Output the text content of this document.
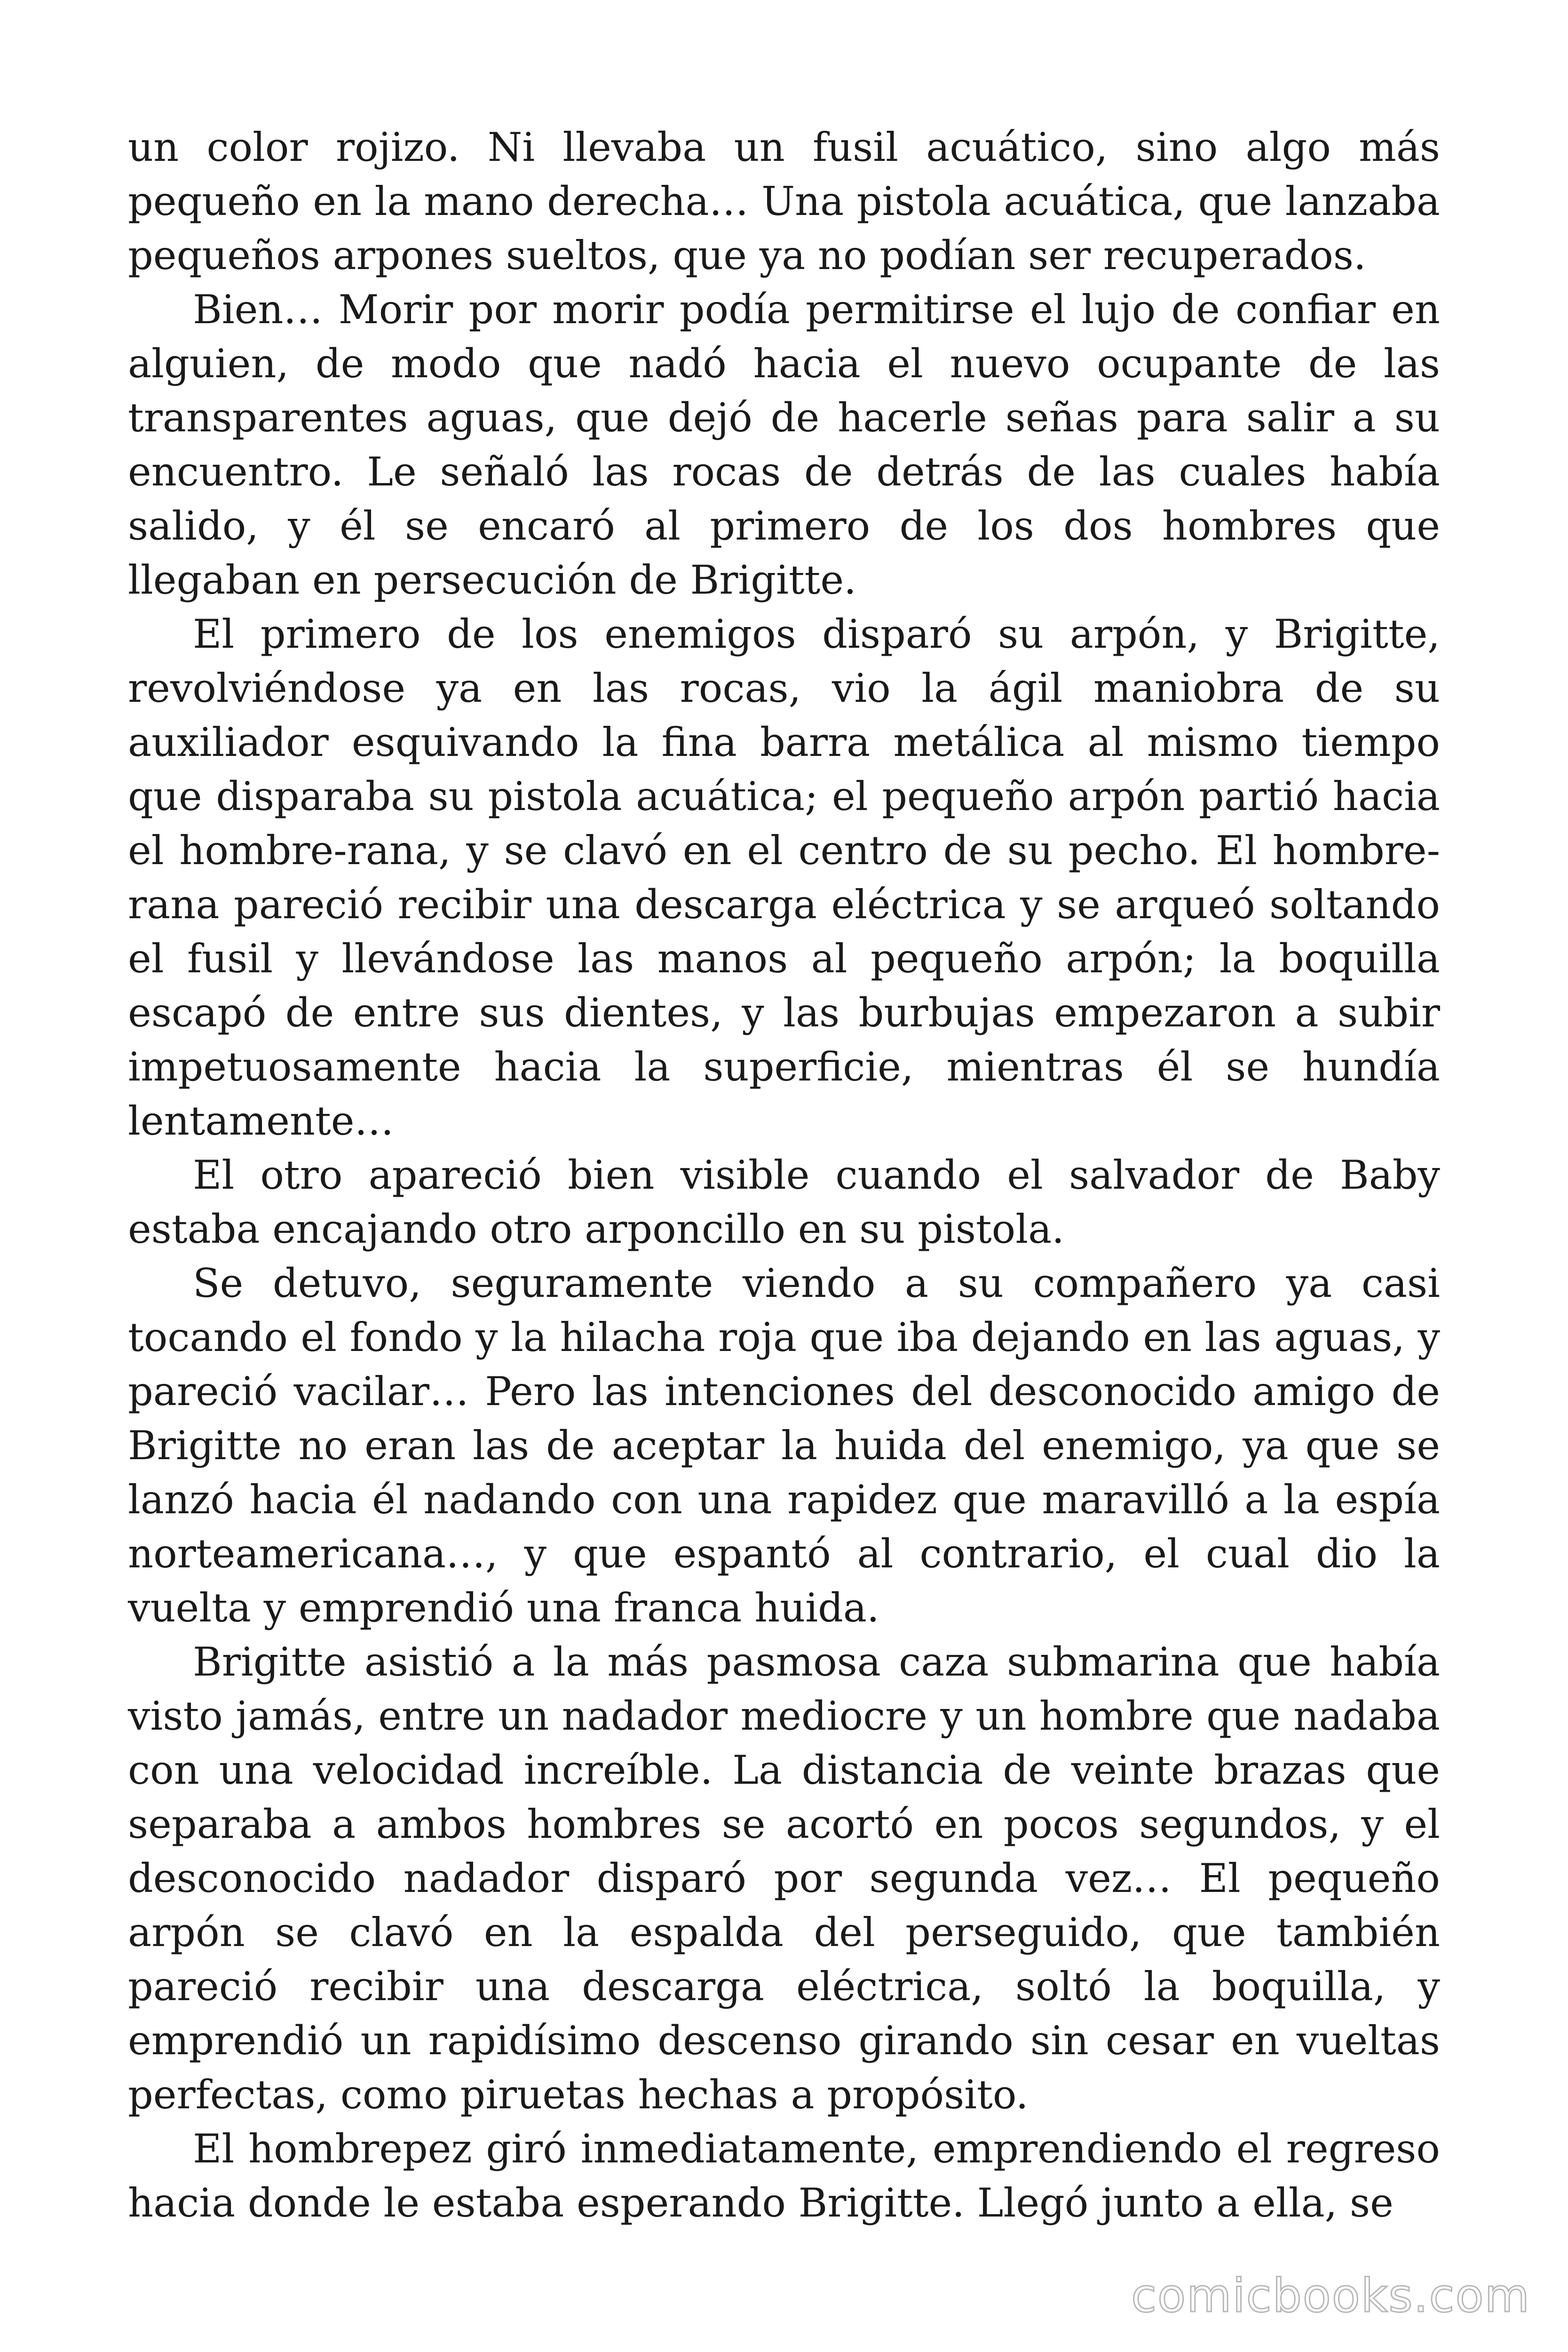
un color rojizo. Ni llevaba un fusil acuático, sino algo más pequeño en la mano derecha… Una pistola acuática, que lanzaba pequeños arpones sueltos, que ya no podían ser recuperados.

Bien… Morir por morir podía permitirse el lujo de confiar en alguien, de modo que nadó hacia el nuevo ocupante de las transparentes aguas, que dejó de hacerle señas para salir a su encuentro. Le señaló las rocas de detrás de las cuales había salido, y él se encaró al primero de los dos hombres que llegaban en persecución de Brigitte.

El primero de los enemigos disparó su arpón, y Brigitte, revolviéndose ya en las rocas, vio la ágil maniobra de su auxiliador esquivando la fina barra metálica al mismo tiempo que disparaba su pistola acuática; el pequeño arpón partió hacia el hombre-rana, y se clavó en el centro de su pecho. El hombre-rana pareció recibir una descarga eléctrica y se arqueó soltando el fusil y llevándose las manos al pequeño arpón; la boquilla escapó de entre sus dientes, y las burbujas empezaron a subir impetuosamente hacia la superficie, mientras él se hundía lentamente…

El otro apareció bien visible cuando el salvador de Baby estaba encajando otro arponcillo en su pistola.

Se detuvo, seguramente viendo a su compañero ya casi tocando el fondo y la hilacha roja que iba dejando en las aguas, y pareció vacilar… Pero las intenciones del desconocido amigo de Brigitte no eran las de aceptar la huida del enemigo, ya que se lanzó hacia él nadando con una rapidez que maravilló a la espía norteamericana…, y que espantó al contrario, el cual dio la vuelta y emprendió una franca huida.

Brigitte asistió a la más pasmosa caza submarina que había visto jamás, entre un nadador mediocre y un hombre que nadaba con una velocidad increíble. La distancia de veinte brazas que separaba a ambos hombres se acortó en pocos segundos, y el desconocido nadador disparó por segunda vez… El pequeño arpón se clavó en la espalda del perseguido, que también pareció recibir una descarga eléctrica, soltó la boquilla, y emprendió un rapidísimo descenso girando sin cesar en vueltas perfectas, como piruetas hechas a propósito.

El hombrepez giró inmediatamente, emprendiendo el regreso hacia donde le estaba esperando Brigitte. Llegó junto a ella, se

comicbooks.com
